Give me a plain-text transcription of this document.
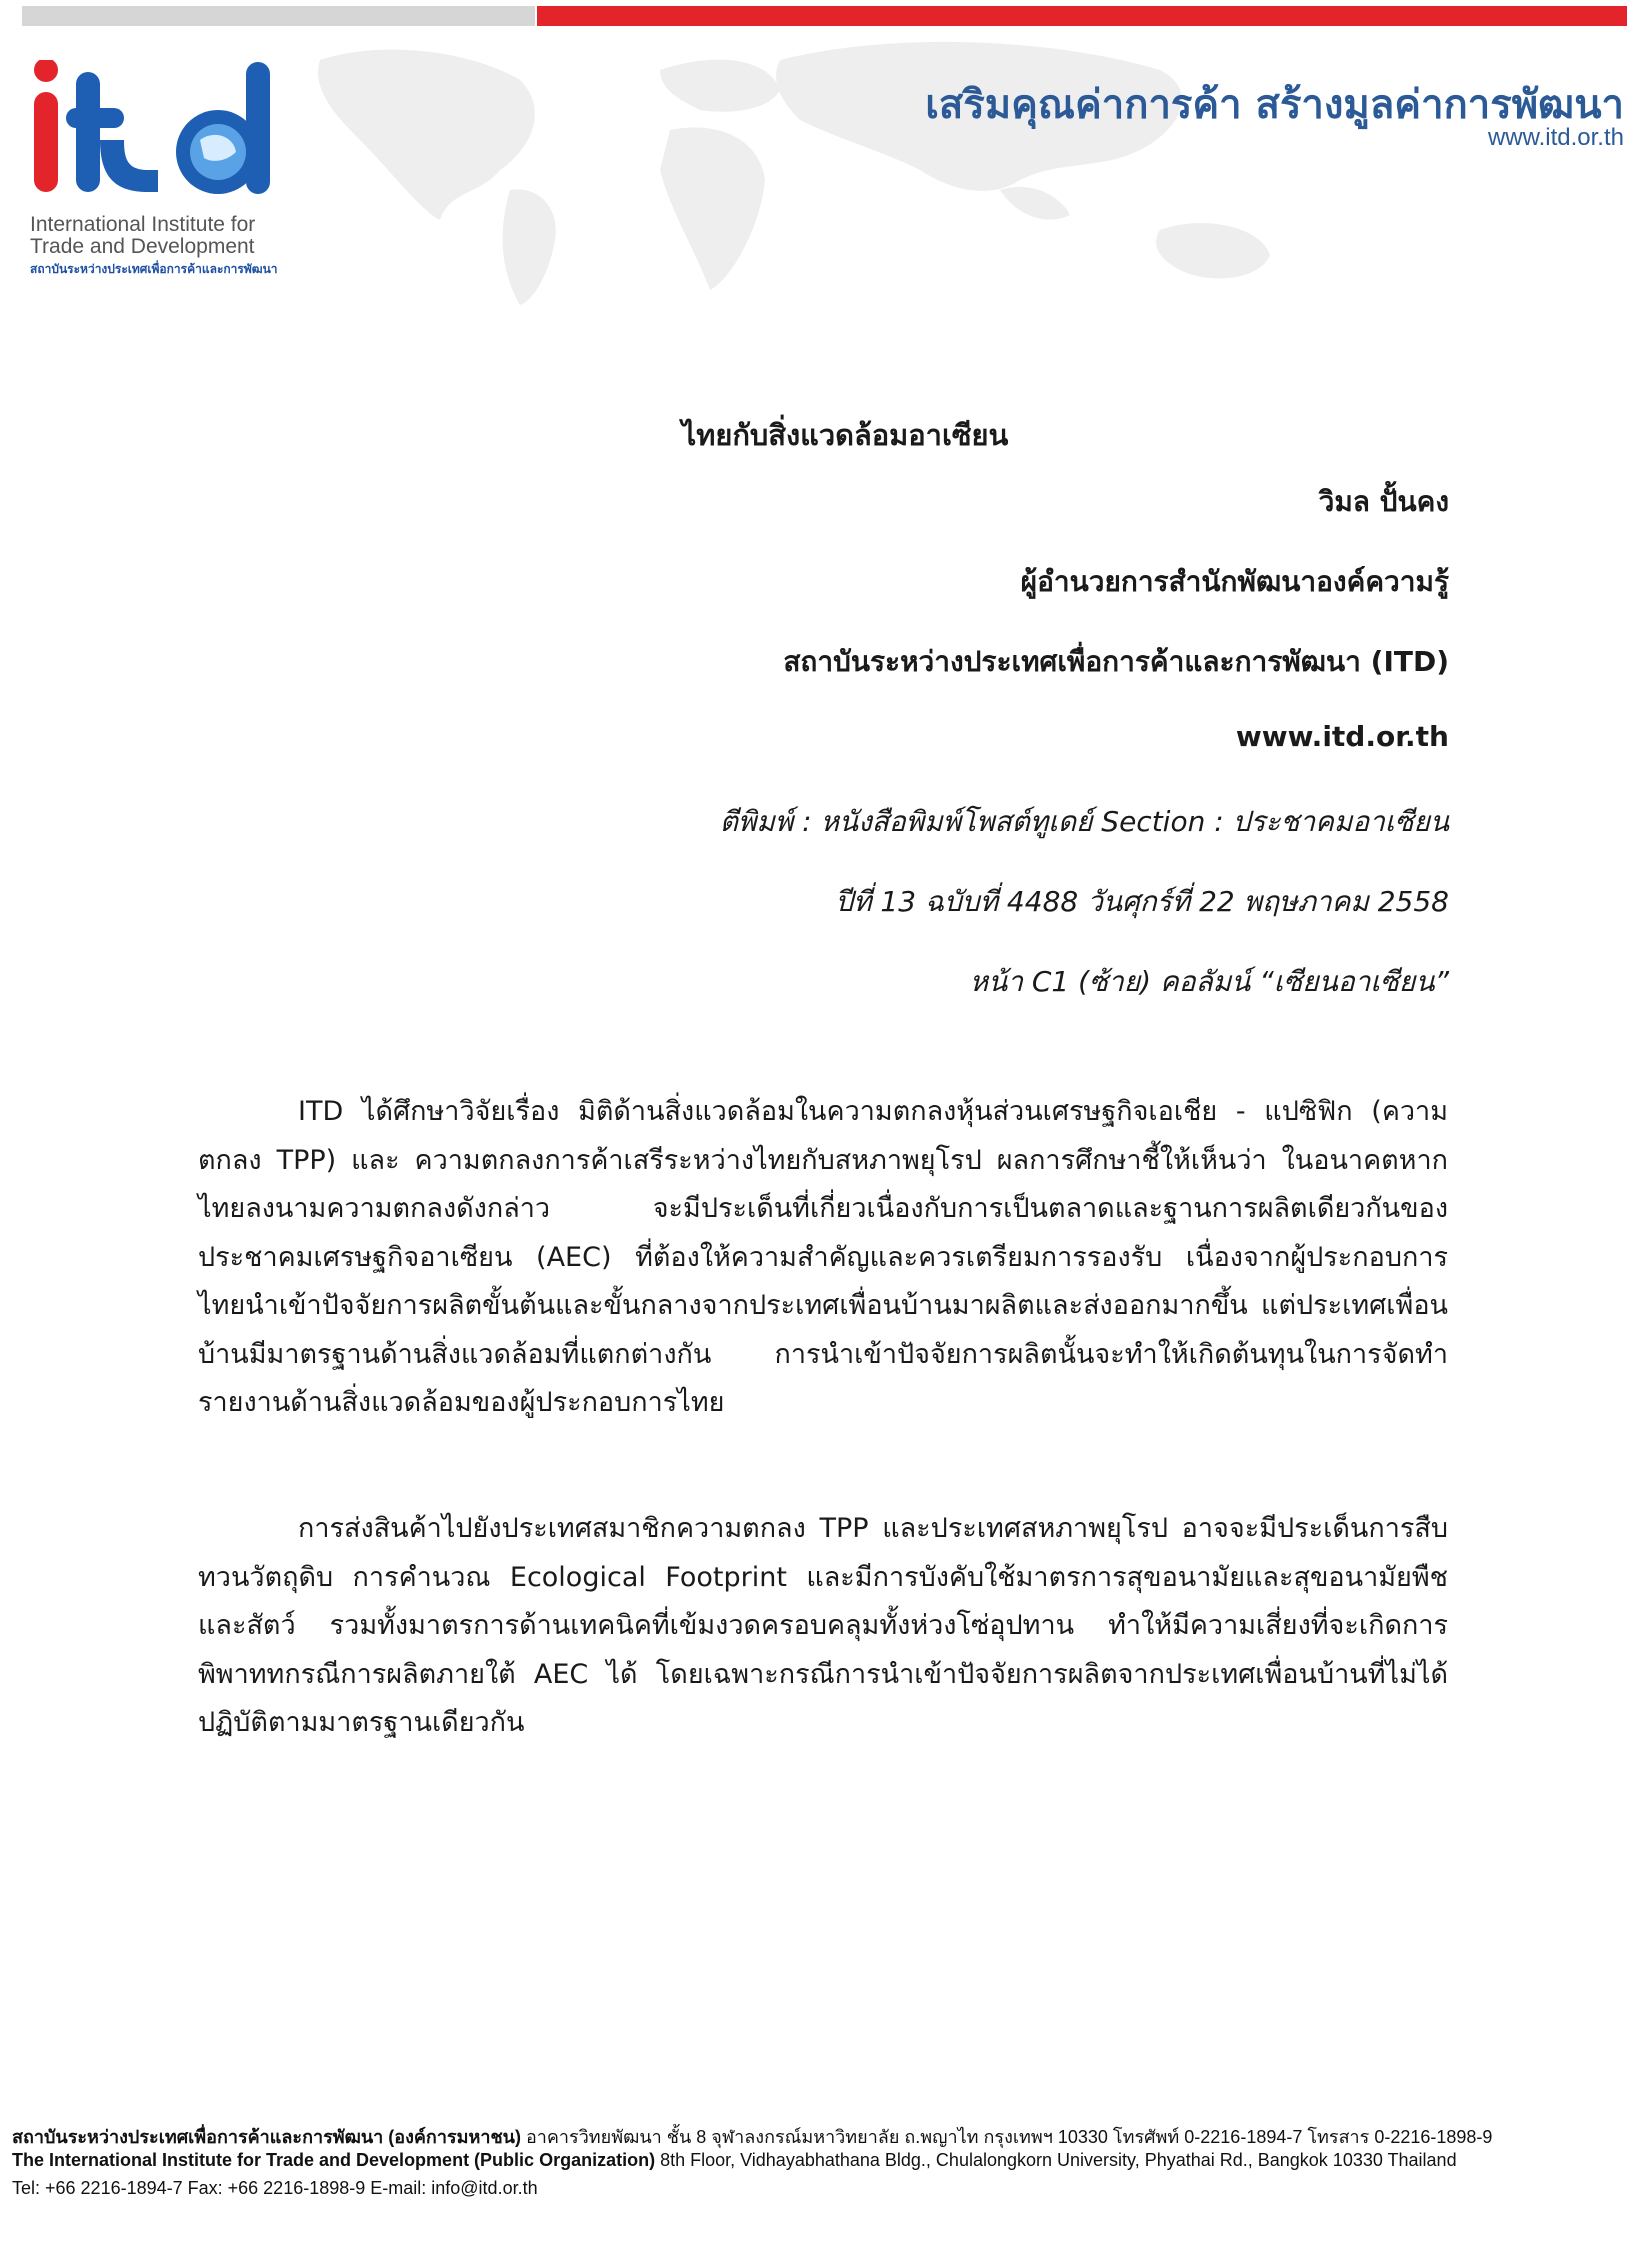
International Institute for
Trade and Development
สถาบันระหว่างประเทศเพื่อการค้าและการพัฒนา
เสริมคุณค่าการค้า สร้างมูลค่าการพัฒนา
www.itd.or.th
ไทยกับสิ่งแวดล้อมอาเซียน
วิมล ปั้นคง
ผู้อำนวยการสำนักพัฒนาองค์ความรู้
สถาบันระหว่างประเทศเพื่อการค้าและการพัฒนา (ITD)
www.itd.or.th
ตีพิมพ์ : หนังสือพิมพ์โพสต์ทูเดย์ Section : ประชาคมอาเซียน
ปีที่ 13 ฉบับที่ 4488 วันศุกร์ที่ 22 พฤษภาคม 2558
หน้า C1 (ซ้าย) คอลัมน์ “เซียนอาเซียน”
ITD ได้ศึกษาวิจัยเรื่อง มิติด้านสิ่งแวดล้อมในความตกลงหุ้นส่วนเศรษฐกิจเอเชีย - แปซิฟิก (ความตกลง TPP) และ ความตกลงการค้าเสรีระหว่างไทยกับสหภาพยุโรป ผลการศึกษาชี้ให้เห็นว่า ในอนาคตหากไทยลงนามความตกลงดังกล่าว จะมีประเด็นที่เกี่ยวเนื่องกับการเป็นตลาดและฐานการผลิตเดียวกันของประชาคมเศรษฐกิจอาเซียน (AEC) ที่ต้องให้ความสำคัญและควรเตรียมการรองรับ เนื่องจากผู้ประกอบการไทยนำเข้าปัจจัยการผลิตขั้นต้นและขั้นกลางจากประเทศเพื่อนบ้านมาผลิตและส่งออกมากขึ้น แต่ประเทศเพื่อนบ้านมีมาตรฐานด้านสิ่งแวดล้อมที่แตกต่างกัน การนำเข้าปัจจัยการผลิตนั้นจะทำให้เกิดต้นทุนในการจัดทำรายงานด้านสิ่งแวดล้อมของผู้ประกอบการไทย
การส่งสินค้าไปยังประเทศสมาชิกความตกลง TPP และประเทศสหภาพยุโรป อาจจะมีประเด็นการสืบทวนวัตถุดิบ การคำนวณ Ecological Footprint และมีการบังคับใช้มาตรการสุขอนามัยและสุขอนามัยพืชและสัตว์ รวมทั้งมาตรการด้านเทคนิคที่เข้มงวดครอบคลุมทั้งห่วงโซ่อุปทาน ทำให้มีความเสี่ยงที่จะเกิดการพิพาททกรณีการผลิตภายใต้ AEC ได้ โดยเฉพาะกรณีการนำเข้าปัจจัยการผลิตจากประเทศเพื่อนบ้านที่ไม่ได้ปฏิบัติตามมาตรฐานเดียวกัน
สถาบันระหว่างประเทศเพื่อการค้าและการพัฒนา (องค์การมหาชน) อาคารวิทยพัฒนา ชั้น 8 จุฬาลงกรณ์มหาวิทยาลัย ถ.พญาไท กรุงเทพฯ 10330 โทรศัพท์ 0-2216-1894-7 โทรสาร 0-2216-1898-9
The International Institute for Trade and Development (Public Organization) 8th Floor, Vidhayabhathana Bldg., Chulalongkorn University, Phyathai Rd., Bangkok 10330 Thailand
Tel: +66 2216-1894-7 Fax: +66 2216-1898-9 E-mail: info@itd.or.th
